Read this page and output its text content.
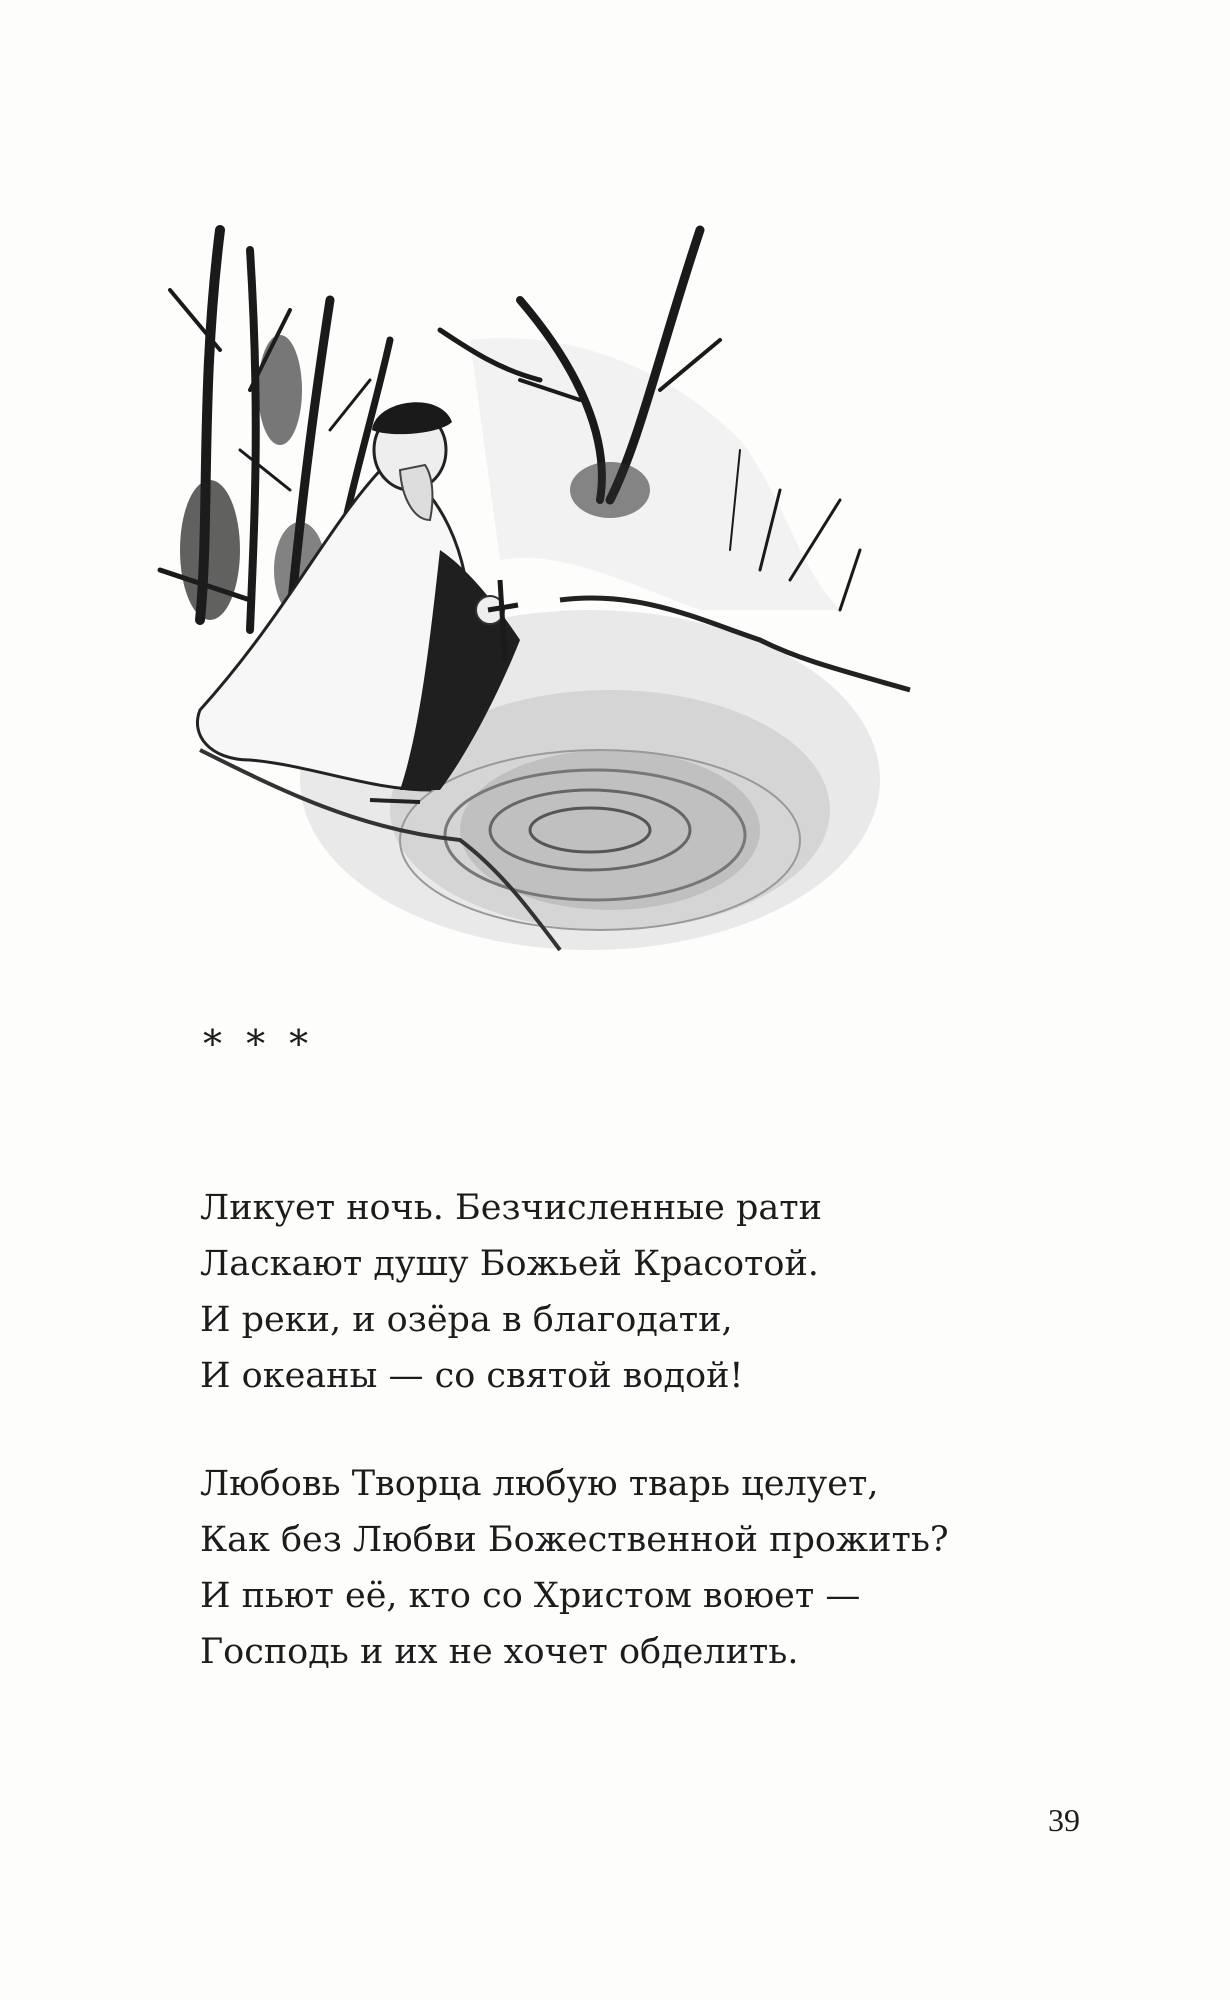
* * *
Ликует ночь. Безчисленные рати
Ласкают душу Божьей Красотой.
И реки, и озёра в благодати,
И океаны — со святой водой!
Любовь Творца любую тварь целует,
Как без Любви Божественной прожить?
И пьют её, кто со Христом воюет —
Господь и их не хочет обделить.
39
